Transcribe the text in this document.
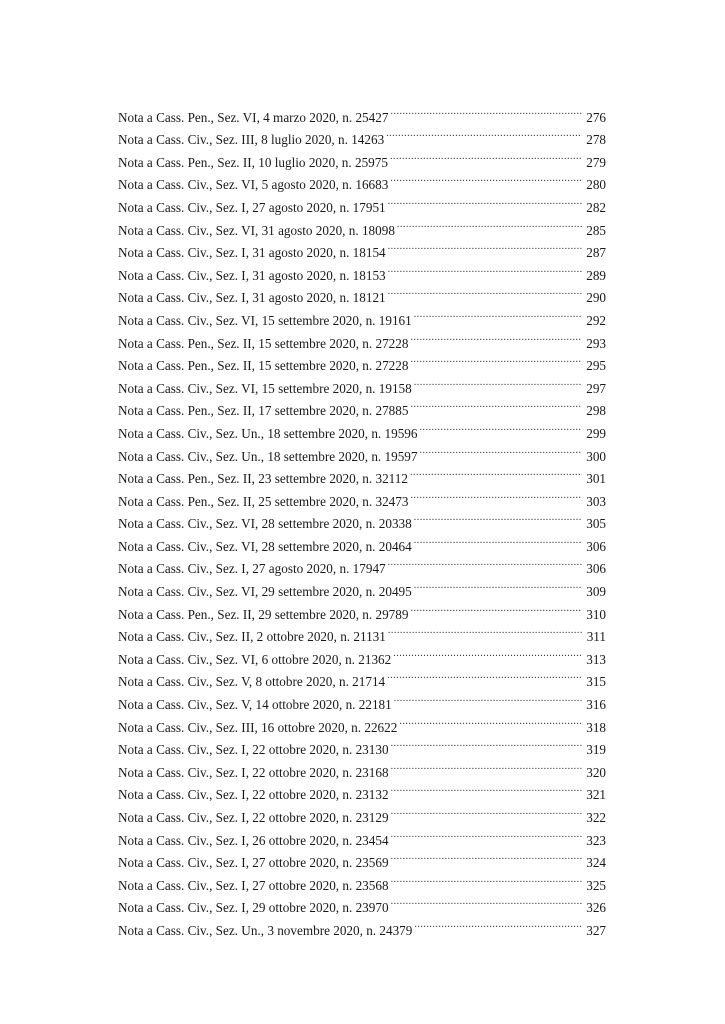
Nota a Cass. Pen., Sez. VI, 4 marzo 2020, n. 25427 .....	276
Nota a Cass. Civ., Sez. III, 8 luglio 2020, n. 14263 .....	278
Nota a Cass. Pen., Sez. II, 10 luglio 2020, n. 25975 .....	279
Nota a Cass. Civ., Sez. VI, 5 agosto 2020, n. 16683 .....	280
Nota a Cass. Civ., Sez. I, 27 agosto 2020, n. 17951 .....	282
Nota a Cass. Civ., Sez. VI, 31 agosto 2020, n. 18098 .....	285
Nota a Cass. Civ., Sez. I, 31 agosto 2020, n. 18154 .....	287
Nota a Cass. Civ., Sez. I, 31 agosto 2020, n. 18153 .....	289
Nota a Cass. Civ., Sez. I, 31 agosto 2020, n. 18121 .....	290
Nota a Cass. Civ., Sez. VI, 15 settembre 2020, n. 19161 .....	292
Nota a Cass. Pen., Sez. II, 15 settembre 2020, n. 27228 .....	293
Nota a Cass. Pen., Sez. II, 15 settembre 2020, n. 27228 .....	295
Nota a Cass. Civ., Sez. VI, 15 settembre 2020, n. 19158 .....	297
Nota a Cass. Pen., Sez. II, 17 settembre 2020, n. 27885 .....	298
Nota a Cass. Civ., Sez. Un., 18 settembre 2020, n. 19596 .....	299
Nota a Cass. Civ., Sez. Un., 18 settembre 2020, n. 19597 .....	300
Nota a Cass. Pen., Sez. II, 23 settembre 2020, n. 32112 .....	301
Nota a Cass. Pen., Sez. II, 25 settembre 2020, n. 32473 .....	303
Nota a Cass. Civ., Sez. VI, 28 settembre 2020, n. 20338 .....	305
Nota a Cass. Civ., Sez. VI, 28 settembre 2020, n. 20464 .....	306
Nota a Cass. Civ., Sez. I, 27 agosto 2020, n. 17947 .....	306
Nota a Cass. Civ., Sez. VI, 29 settembre 2020, n. 20495 .....	309
Nota a Cass. Pen., Sez. II, 29 settembre 2020, n. 29789 .....	310
Nota a Cass. Civ., Sez. II, 2 ottobre 2020, n. 21131 .....	311
Nota a Cass. Civ., Sez. VI, 6 ottobre 2020, n. 21362 .....	313
Nota a Cass. Civ., Sez. V, 8 ottobre 2020, n. 21714 .....	315
Nota a Cass. Civ., Sez. V, 14 ottobre 2020, n. 22181 .....	316
Nota a Cass. Civ., Sez. III, 16 ottobre 2020, n. 22622 .....	318
Nota a Cass. Civ., Sez. I, 22 ottobre 2020, n. 23130 .....	319
Nota a Cass. Civ., Sez. I, 22 ottobre 2020, n. 23168 .....	320
Nota a Cass. Civ., Sez. I, 22 ottobre 2020, n. 23132 .....	321
Nota a Cass. Civ., Sez. I, 22 ottobre 2020, n. 23129 .....	322
Nota a Cass. Civ., Sez. I, 26 ottobre 2020, n. 23454 .....	323
Nota a Cass. Civ., Sez. I, 27 ottobre 2020, n. 23569 .....	324
Nota a Cass. Civ., Sez. I, 27 ottobre 2020, n. 23568 .....	325
Nota a Cass. Civ., Sez. I, 29 ottobre 2020, n. 23970 .....	326
Nota a Cass. Civ., Sez. Un., 3 novembre 2020, n. 24379 .....	327
